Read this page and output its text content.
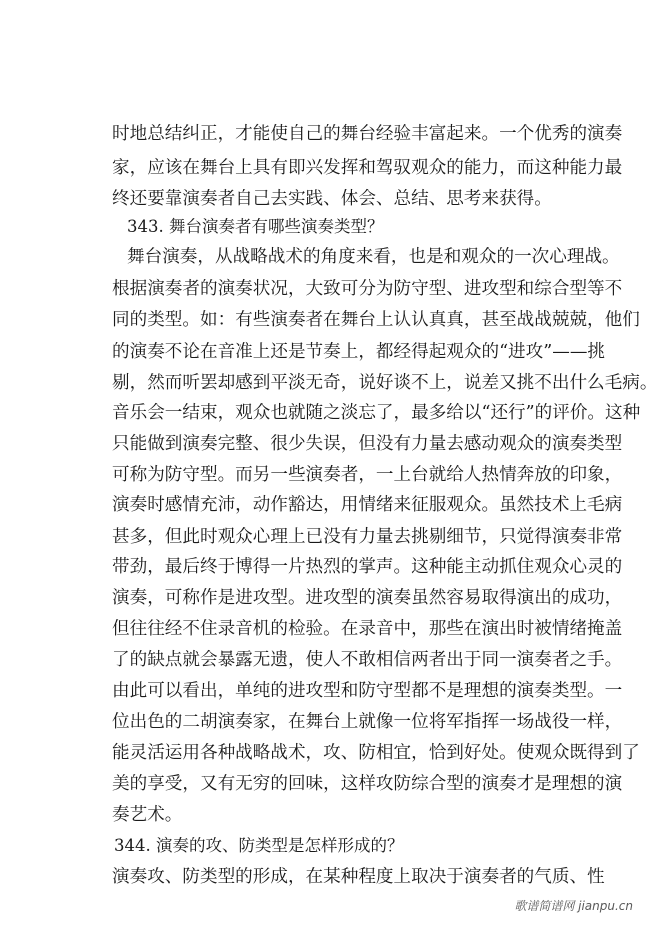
时地总结纠正，才能使自己的舞台经验丰富起来。一个优秀的演奏
家，应该在舞台上具有即兴发挥和驾驭观众的能力，而这种能力最
终还要靠演奏者自己去实践、体会、总结、思考来获得。
343. 舞台演奏者有哪些演奏类型？
舞台演奏，从战略战术的角度来看，也是和观众的一次心理战。
根据演奏者的演奏状况，大致可分为防守型、进攻型和综合型等不
同的类型。如：有些演奏者在舞台上认认真真，甚至战战兢兢，他们
的演奏不论在音准上还是节奏上，都经得起观众的“进攻”——挑
剔，然而听罢却感到平淡无奇，说好谈不上，说差又挑不出什么毛病。
音乐会一结束，观众也就随之淡忘了，最多给以“还行”的评价。这种
只能做到演奏完整、很少失误，但没有力量去感动观众的演奏类型
可称为防守型。而另一些演奏者，一上台就给人热情奔放的印象，
演奏时感情充沛，动作豁达，用情绪来征服观众。虽然技术上毛病
甚多，但此时观众心理上已没有力量去挑剔细节，只觉得演奏非常
带劲，最后终于博得一片热烈的掌声。这种能主动抓住观众心灵的
演奏，可称作是进攻型。进攻型的演奏虽然容易取得演出的成功，
但往往经不住录音机的检验。在录音中，那些在演出时被情绪掩盖
了的缺点就会暴露无遗，使人不敢相信两者出于同一演奏者之手。
由此可以看出，单纯的进攻型和防守型都不是理想的演奏类型。一
位出色的二胡演奏家，在舞台上就像一位将军指挥一场战役一样，
能灵活运用各种战略战术，攻、防相宜，恰到好处。使观众既得到了
美的享受，又有无穷的回味，这样攻防综合型的演奏才是理想的演
奏艺术。
344. 演奏的攻、防类型是怎样形成的？
演奏攻、防类型的形成，在某种程度上取决于演奏者的气质、性
歌谱简谱网 jianpu.cn
